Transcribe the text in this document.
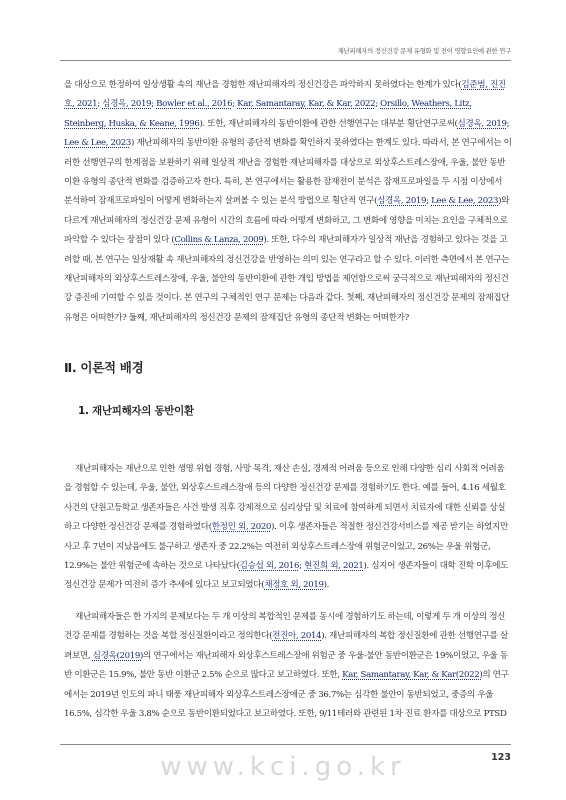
재난피해자의 정신건강 문제 유형화 및 전이 영향요인에 관한 연구
을 대상으로 한정하여 일상생활 속의 재난을 경험한 재난피해자의 정신건강은 파악하지 못하였다는 한계가 있다(김준범, 진진호, 2021; 심경옥, 2019; Bowler et al., 2016; Kar, Samantaray, Kar, & Kar, 2022; Orsillo, Weathers, Litz, Steinberg, Huska, & Keane, 1996). 또한, 재난피해자의 동반이환에 관한 선행연구는 대부분 횡단연구로써(심경옥, 2019; Lee & Lee, 2023) 재난피해자의 동반이환 유형의 종단적 변화를 확인하지 못하였다는 한계도 있다. 따라서, 본 연구에서는 이러한 선행연구의 한계점을 보완하기 위해 일상적 재난을 경험한 재난피해자를 대상으로 외상후스트레스장애, 우울, 불안 동반이환 유형의 종단적 변화를 검증하고자 한다. 특히, 본 연구에서는 활용한 잠재전이 분석은 잠재프로파일을 두 시점 이상에서 분석하여 잠재프로파일이 어떻게 변화하는지 살펴볼 수 있는 분석 방법으로 횡단적 연구(심경옥, 2019; Lee & Lee, 2023)와 다르게 재난피해자의 정신건강 문제 유형이 시간의 흐름에 따라 어떻게 변화하고, 그 변화에 영향을 미치는 요인을 구체적으로 파악할 수 있다는 장점이 있다 (Collins & Lanza, 2009). 또한, 다수의 재난피해자가 일상적 재난을 경험하고 있다는 것을 고려할 때, 본 연구는 일상재활 속 재난피해자의 정신건강을 반영하는 의미 있는 연구라고 할 수 있다. 이러한 측면에서 본 연구는 재난피해자의 외상후스트레스장애, 우울, 불안의 동반이환에 관한 개입 방법을 제언함으로써 궁극적으로 재난피해자의 정신건강 증진에 기여할 수 있을 것이다. 본 연구의 구체적인 연구 문제는 다음과 같다. 첫째, 재난피해자의 정신건강 문제의 잠재집단 유형은 어떠한가? 둘째, 재난피해자의 정신건강 문제의 잠재집단 유형의 종단적 변화는 어떠한가?
Ⅱ. 이론적 배경
1. 재난피해자의 동반이환
재난피해자는 재난으로 인한 생명 위협 경험, 사망 목격, 재산 손실, 경제적 어려움 등으로 인해 다양한 심리 사회적 어려움을 경험할 수 있는데, 우울, 불안, 외상후스트레스장애 등의 다양한 정신건강 문제를 경험하기도 한다. 예를 들어, 4.16 세월호 사건의 단원고등학교 생존자들은 사건 발생 직후 강제적으로 심리상담 및 치료에 참여하게 되면서 치료자에 대한 신뢰를 상실하고 다양한 정신건강 문제를 경험하였다(한정민 외, 2020). 이후 생존자들은 적절한 정신건강서비스를 제공 받기는 하였지만 사고 후 7년이 지났음에도 불구하고 생존자 중 22.2%는 여전히 외상후스트레스장애 위험군이었고, 26%는 우울 위험군, 12.9%는 불안 위험군에 속하는 것으로 나타났다(김승섭 외, 2016; 현진희 외, 2021). 심지어 생존자들이 대학 진학 이후에도 정신건강 문제가 여전히 증가 추세에 있다고 보고되었다(채정호 외, 2019).
재난피해자들은 한 가지의 문제보다는 두 개 이상의 복합적인 문제를 동시에 경험하기도 하는데, 이렇게 두 개 이상의 정신건강 문제를 경험하는 것을 복합 정신질환이라고 정의한다(전진아, 2014). 재난피해자의 복합 정신질환에 관한 선행연구를 살펴보면, 심경옥(2019)의 연구에서는 재난피해자 외상후스트레스장애 위험군 중 우울-불안 동반이환군은 19%이었고, 우울 동반 이환군은 15.9%, 불안 동반 이환군 2.5% 순으로 많다고 보고하였다. 또한, Kar, Samantaray, Kar, & Kar(2022)의 연구에서는 2019년 인도의 파니 태풍 재난피해자 외상후스트레스장애군 중 36.7%는 심각한 불안이 동반되었고, 중증의 우울 16.5%, 심각한 우울 3.8% 순으로 동반이환되었다고 보고하였다. 또한, 9/11테러와 관련된 1차 진료 환자를 대상으로 PTSD
www.kci.go.kr	123
